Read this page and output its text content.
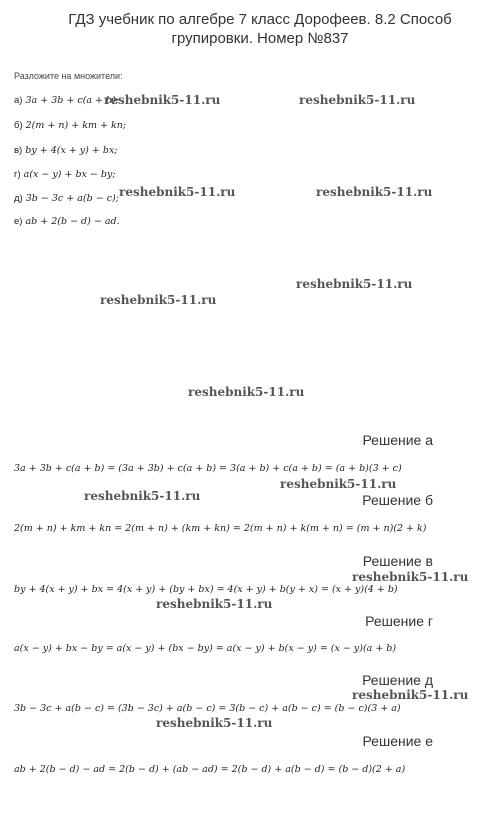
ГДЗ учебник по алгебре 7 класс Дорофеев. 8.2 Способ групировки. Номер №837
Разложите на множители:
а) 3a + 3b + c(a + b);
б) 2(m + n) + km + kn;
в) by + 4(x + y) + bx;
г) a(x − y) + bx − by;
д) 3b − 3c + a(b − c);
е) ab + 2(b − d) − ad.
reshebnik5-11.ru	reshebnik5-11.ru
reshebnik5-11.ru	reshebnik5-11.ru
reshebnik5-11.ru
reshebnik5-11.ru
reshebnik5-11.ru
reshebnik5-11.ru
reshebnik5-11.ru
reshebnik5-11.ru
reshebnik5-11.ru
reshebnik5-11.ru
reshebnik5-11.ru
Решение а
3a + 3b + c(a + b) = (3a + 3b) + c(a + b) = 3(a + b) + c(a + b) = (a + b)(3 + c)
Решение б
2(m + n) + km + kn = 2(m + n) + (km + kn) = 2(m + n) + k(m + n) = (m + n)(2 + k)
Решение в
by + 4(x + y) + bx = 4(x + y) + (by + bx) = 4(x + y) + b(y + x) = (x + y)(4 + b)
Решение г
a(x − y) + bx − by = a(x − y) + (bx − by) = a(x − y) + b(x − y) = (x − y)(a + b)
Решение д
3b − 3c + a(b − c) = (3b − 3c) + a(b − c) = 3(b − c) + a(b − c) = (b − c)(3 + a)
Решение е
ab + 2(b − d) − ad = 2(b − d) + (ab − ad) = 2(b − d) + a(b − d) = (b − d)(2 + a)
